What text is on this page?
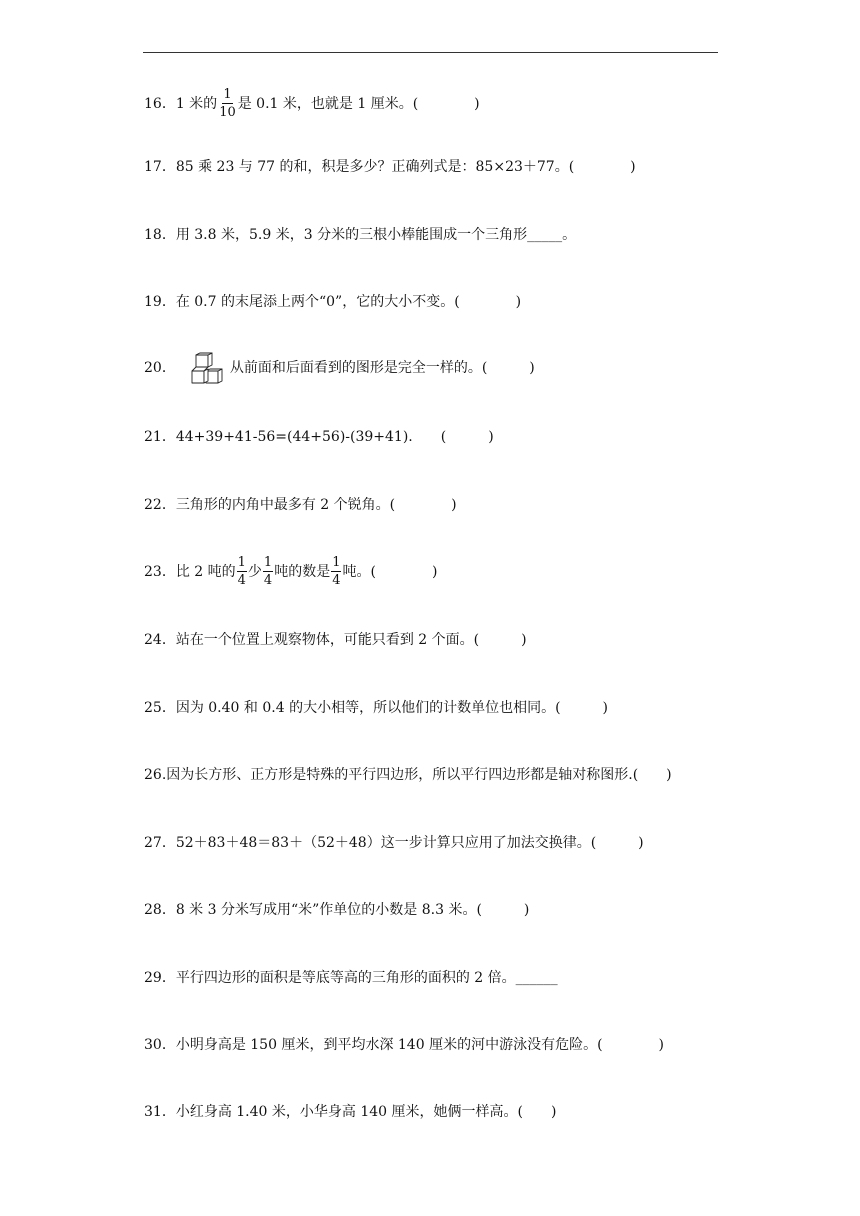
16． 1 米的 $\frac{1}{10}$ 是 0.1 米，也就是 1 厘米。(　　　　)
17． 85 乘 23 与 77 的和，积是多少？正确列式是：85×23＋77。(　　　　)
18． 用 3.8 米，5.9 米，3 分米的三根小棒能围成一个三角形_____。
19． 在 0.7 的末尾添上两个“0”，它的大小不变。(　　　　)
20．	从前面和后面看到的图形是完全一样的。(　　　)
21． 44+39+41-56=(44+56)-(39+41).　　(　　　)
22． 三角形的内角中最多有 2 个锐角。(　　　　)
23． 比 2 吨的 $\frac{1}{4}$ 少 $\frac{1}{4}$ 吨的数是 $\frac{1}{4}$ 吨。(　　　　)
24． 站在一个位置上观察物体，可能只看到 2 个面。(　　　)
25． 因为 0.40 和 0.4 的大小相等，所以他们的计数单位也相同。(　　　)
26. 因为长方形、正方形是特殊的平行四边形，所以平行四边形都是轴对称图形.(　　)
27． 52＋83＋48＝83＋（52＋48）这一步计算只应用了加法交换律。(　　　)
28． 8 米 3 分米写成用“米”作单位的小数是 8.3 米。(　　　)
29． 平行四边形的面积是等底等高的三角形的面积的 2 倍。______
30． 小明身高是 150 厘米，到平均水深 140 厘米的河中游泳没有危险。(　　　　)
31． 小红身高 1.40 米，小华身高 140 厘米，她俩一样高。(　　)
